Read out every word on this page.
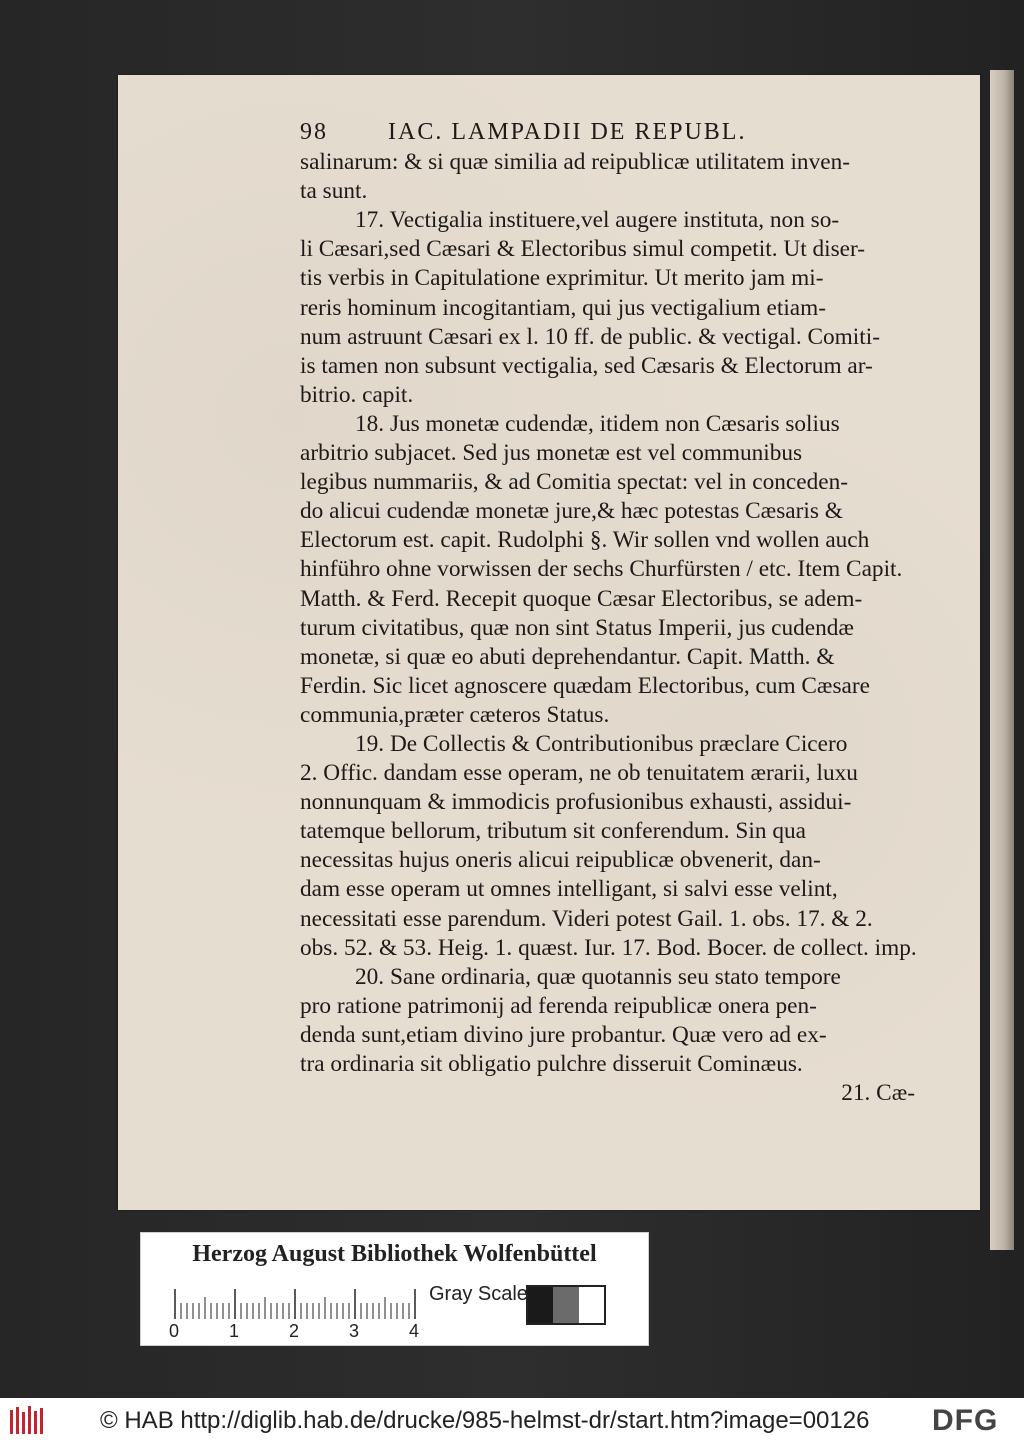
98	IAC. LAMPADII DE REPUBL.
salinarum: & si quæ similia ad reipublicæ utilitatem inven-
ta sunt.
17. Vectigalia instituere,vel augere instituta, non so-
li Cæsari,sed Cæsari & Electoribus simul competit. Ut diser-
tis verbis in Capitulatione exprimitur. Ut merito jam mi-
reris hominum incogitantiam, qui jus vectigalium etiam-
num astruunt Cæsari ex l. 10 ff. de public. & vectigal. Comiti-
is tamen non subsunt vectigalia, sed Cæsaris & Electorum ar-
bitrio. capit.
18. Jus monetæ cudendæ, itidem non Cæsaris solius
arbitrio subjacet. Sed jus monetæ est vel communibus
legibus nummariis, & ad Comitia spectat: vel in conceden-
do alicui cudendæ monetæ jure,& hæc potestas Cæsaris &
Electorum est. capit. Rudolphi §. Wir sollen vnd wollen auch
hinführo ohne vorwissen der sechs Churfürsten / etc. Item Capit.
Matth. & Ferd. Recepit quoque Cæsar Electoribus, se adem-
turum civitatibus, quæ non sint Status Imperii, jus cudendæ
monetæ, si quæ eo abuti deprehendantur. Capit. Matth. &
Ferdin. Sic licet agnoscere quædam Electoribus, cum Cæsare
communia,præter cæteros Status.
19. De Collectis & Contributionibus præclare Cicero
2. Offic. dandam esse operam, ne ob tenuitatem ærarii, luxu
nonnunquam & immodicis profusionibus exhausti, assidui-
tatemque bellorum, tributum sit conferendum. Sin qua
necessitas hujus oneris alicui reipublicæ obvenerit, dan-
dam esse operam ut omnes intelligant, si salvi esse velint,
necessitati esse parendum. Videri potest Gail. 1. obs. 17. & 2.
obs. 52. & 53. Heig. 1. quæst. Iur. 17. Bod. Bocer. de collect. imp.
20. Sane ordinaria, quæ quotannis seu stato tempore
pro ratione patrimonij ad ferenda reipublicæ onera pen-
denda sunt,etiam divino jure probantur. Quæ vero ad ex-
tra ordinaria sit obligatio pulchre disseruit Cominæus.
21. Cæ-
Herzog August Bibliothek Wolfenbüttel
0	1	2	3	4
Gray Scale
© HAB http://diglib.hab.de/drucke/985-helmst-dr/start.htm?image=00126 DFG
